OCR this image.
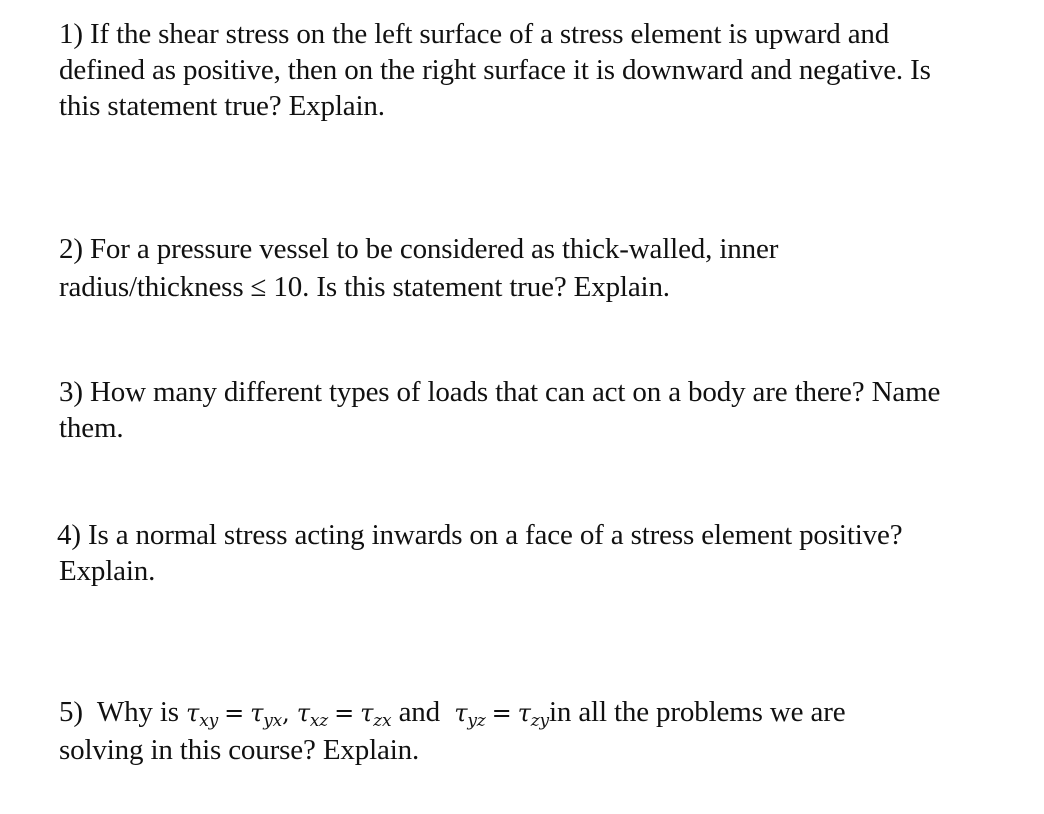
1) If the shear stress on the left surface of a stress element is upward and
defined as positive, then on the right surface it is downward and negative. Is
this statement true? Explain.

2) For a pressure vessel to be considered as thick-walled, inner
radius/thickness ≤ 10. Is this statement true? Explain.

3) How many different types of loads that can act on a body are there? Name
them.

4) Is a normal stress acting inwards on a face of a stress element positive?
Explain.

5) Why is $\tau_{xy} = \tau_{yx}$, $\tau_{xz} = \tau_{zx}$ and $\tau_{yz} = \tau_{zy}in$ all the problems we are
solving in this course? Explain.
